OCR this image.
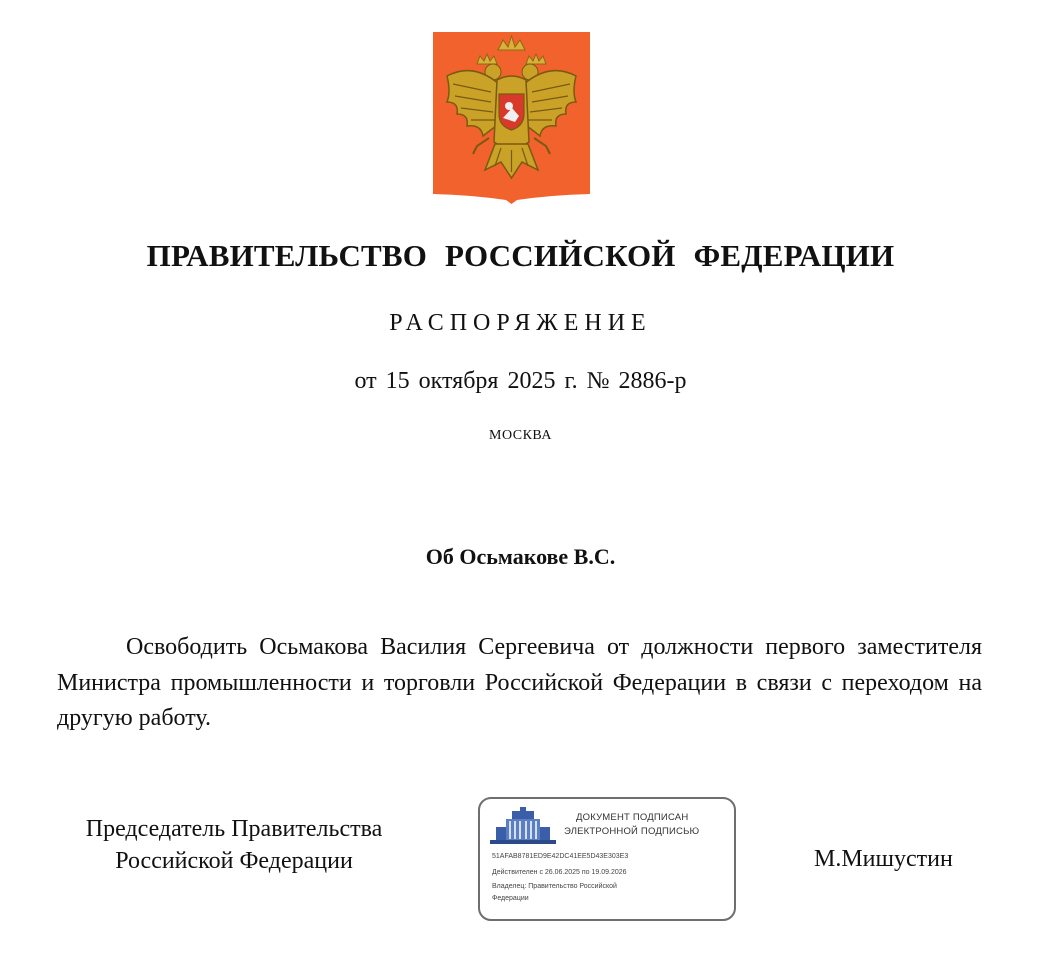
ПРАВИТЕЛЬСТВО РОССИЙСКОЙ ФЕДЕРАЦИИ
РАСПОРЯЖЕНИЕ
от 15 октября 2025 г. № 2886-р
МОСКВА
Об Осьмакове В.С.
Освободить Осьмакова Василия Сергеевича от должности первого заместителя Министра промышленности и торговли Российской Федерации в связи с переходом на другую работу.
Председатель Правительства
Российской Федерации
ДОКУМЕНТ ПОДПИСАН
ЭЛЕКТРОННОЙ ПОДПИСЬЮ
51AFAB8781ED9E42DC41EE5D43E303E3
Действителен с 26.06.2025 по 19.09.2026
Владелец: Правительство Российской
Федерации
М.Мишустин
